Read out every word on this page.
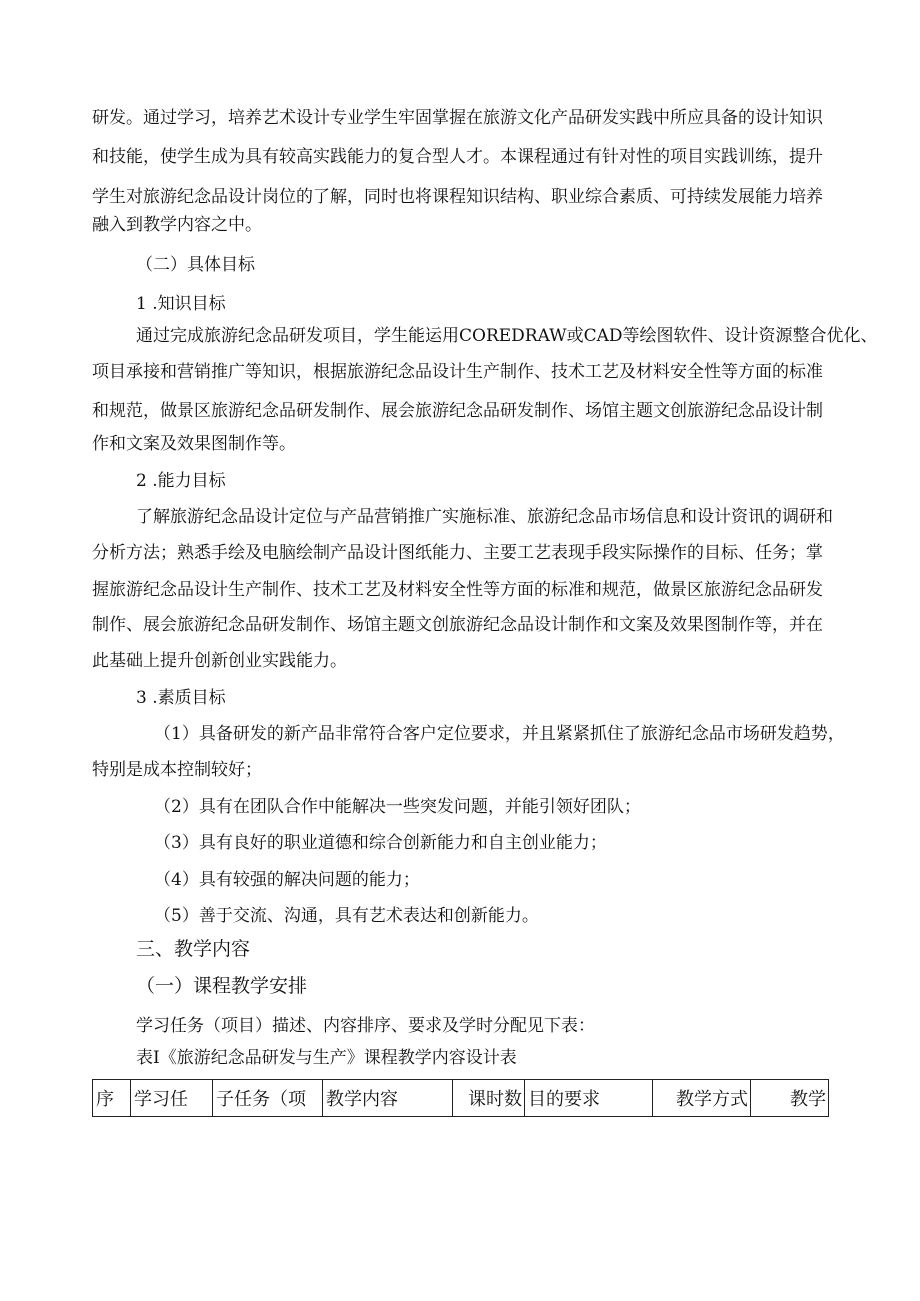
研发。通过学习，培养艺术设计专业学生牢固掌握在旅游文化产品研发实践中所应具备的设计知识
和技能，使学生成为具有较高实践能力的复合型人才。本课程通过有针对性的项目实践训练，提升
学生对旅游纪念品设计岗位的了解，同时也将课程知识结构、职业综合素质、可持续发展能力培养
融入到教学内容之中。
（二）具体目标
1 .知识目标
通过完成旅游纪念品研发项目，学生能运用COREDRAW或CAD等绘图软件、设计资源整合优化、
项目承接和营销推广等知识，根据旅游纪念品设计生产制作、技术工艺及材料安全性等方面的标准
和规范，做景区旅游纪念品研发制作、展会旅游纪念品研发制作、场馆主题文创旅游纪念品设计制
作和文案及效果图制作等。
2 .能力目标
了解旅游纪念品设计定位与产品营销推广实施标准、旅游纪念品市场信息和设计资讯的调研和
分析方法；熟悉手绘及电脑绘制产品设计图纸能力、主要工艺表现手段实际操作的目标、任务；掌
握旅游纪念品设计生产制作、技术工艺及材料安全性等方面的标准和规范，做景区旅游纪念品研发
制作、展会旅游纪念品研发制作、场馆主题文创旅游纪念品设计制作和文案及效果图制作等，并在
此基础上提升创新创业实践能力。
3 .素质目标
（1）具备研发的新产品非常符合客户定位要求，并且紧紧抓住了旅游纪念品市场研发趋势，
特别是成本控制较好；
（2）具有在团队合作中能解决一些突发问题，并能引领好团队；
（3）具有良好的职业道德和综合创新能力和自主创业能力；
（4）具有较强的解决问题的能力；
（5）善于交流、沟通，具有艺术表达和创新能力。
三、教学内容
（一）课程教学安排
学习任务（项目）描述、内容排序、要求及学时分配见下表：
表I《旅游纪念品研发与生产》课程教学内容设计表
序	学习任	子任务（项	教学内容	课时数	目的要求	教学方式	教学
